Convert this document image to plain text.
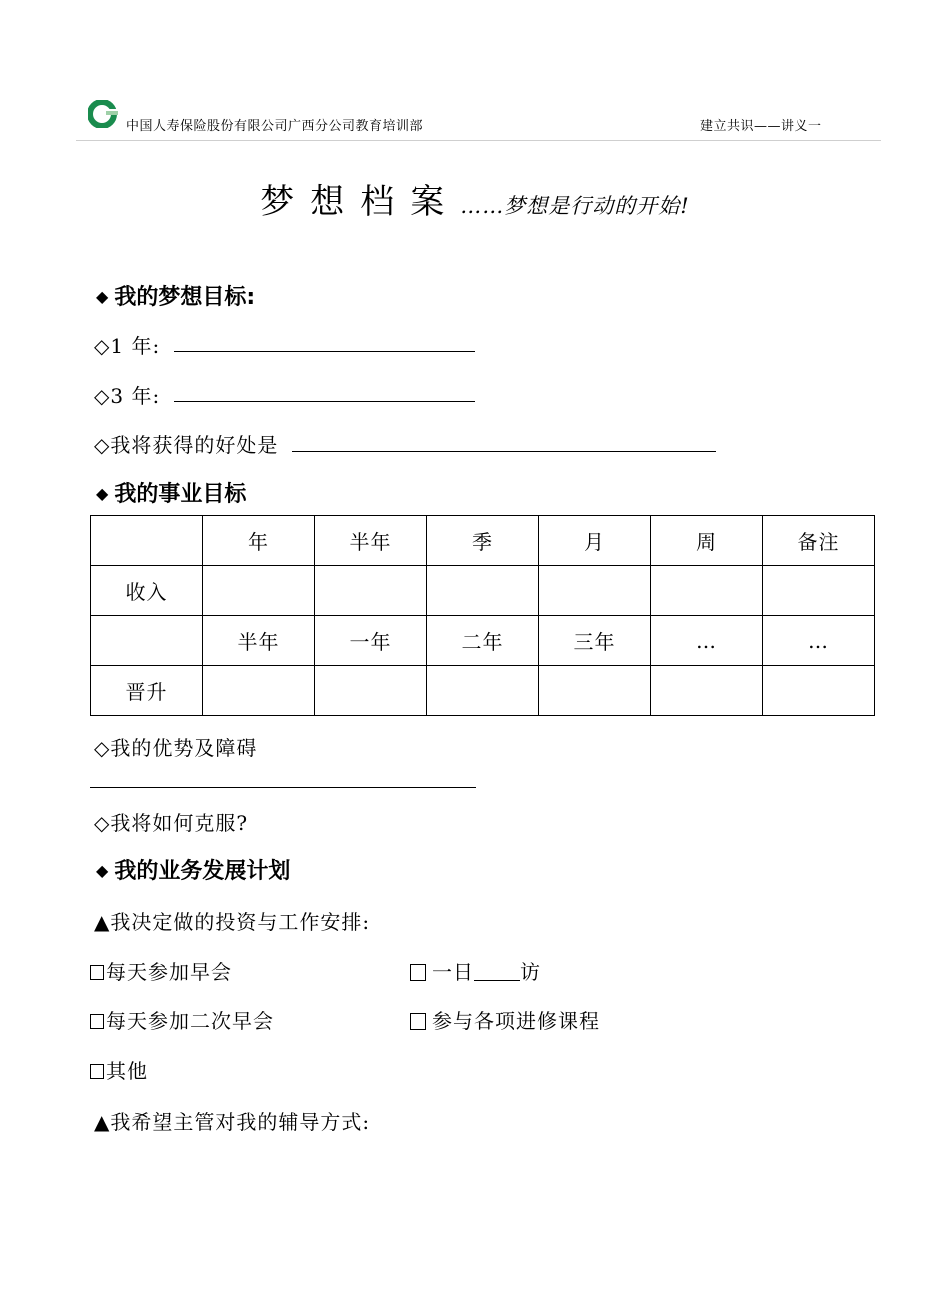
中国人寿保险股份有限公司广西分公司教育培训部	建立共识——讲义一
梦想档案……梦想是行动的开始!
◆ 我的梦想目标:
◇1 年:
◇3 年:
◇我将获得的好处是
◆ 我的事业目标
	年	半年	季	月	周	备注
收入						
	半年	一年	二年	三年	…	…
晋升						
◇我的优势及障碍
◇我将如何克服?
◆ 我的业务发展计划
▲我决定做的投资与工作安排:
每天参加早会	一日 访
每天参加二次早会	参与各项进修课程
其他
▲我希望主管对我的辅导方式:
